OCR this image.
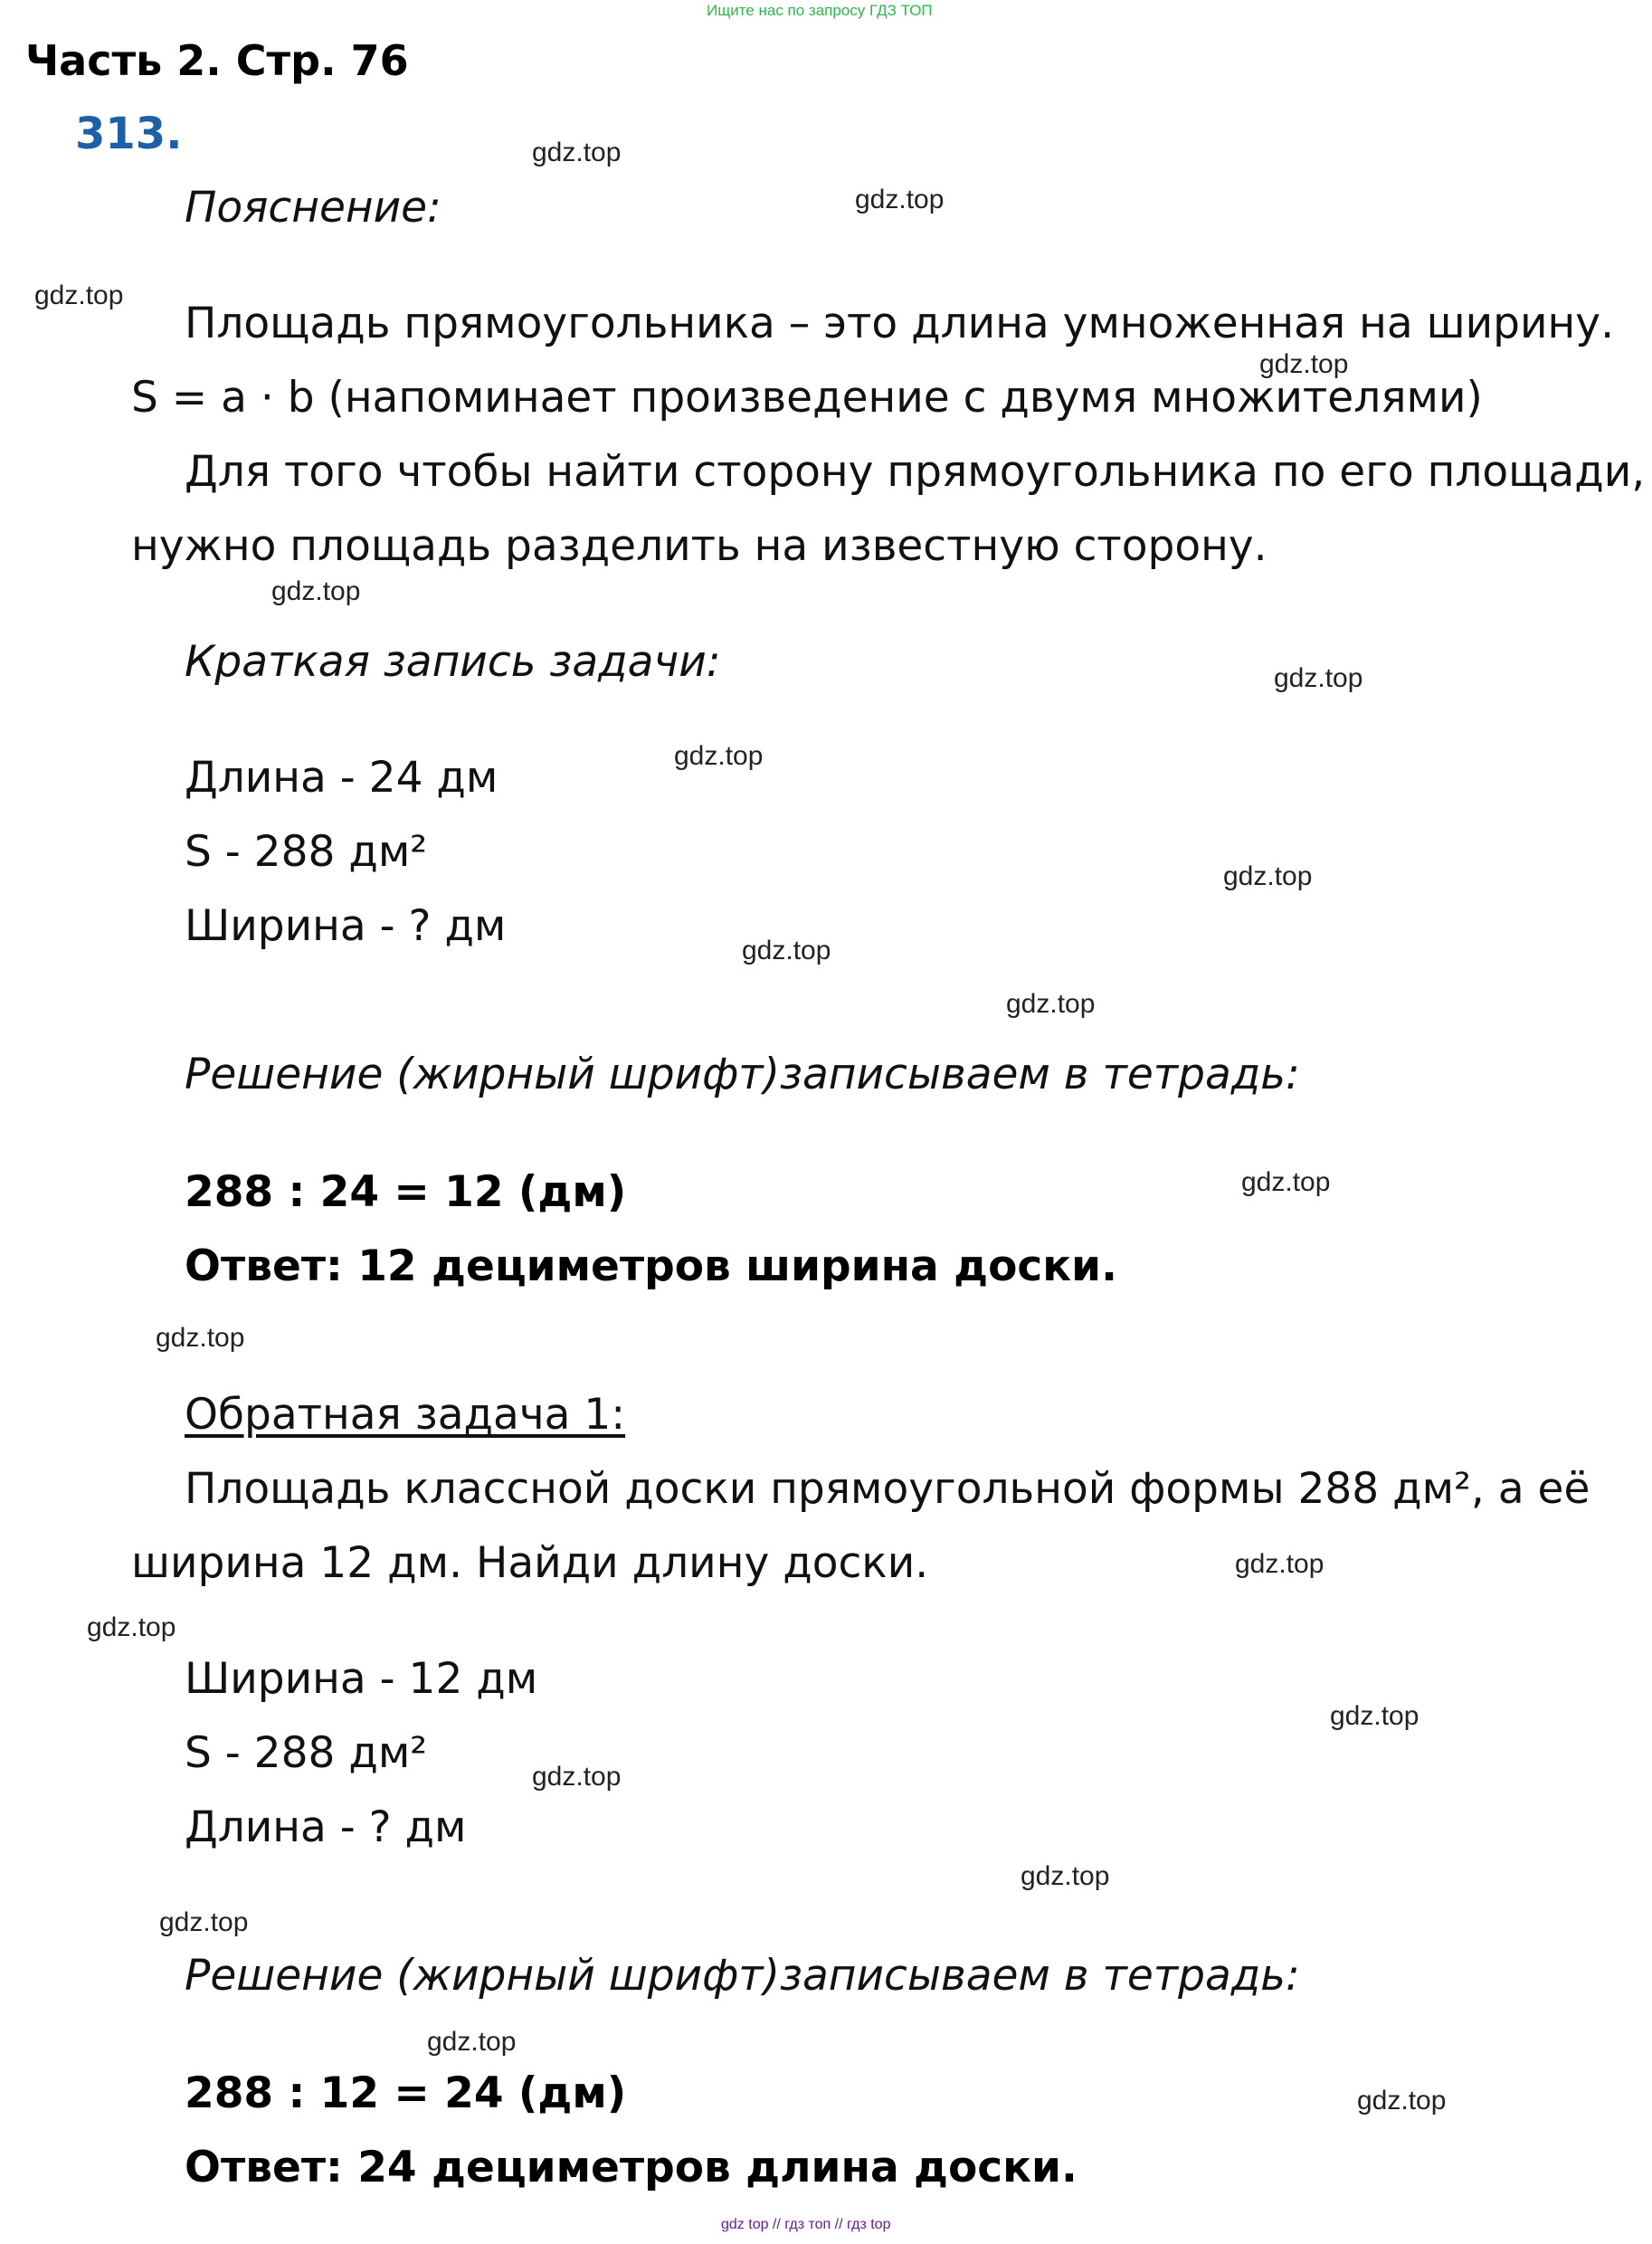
Ищите нас по запросу ГДЗ ТОП
Часть 2. Стр. 76
313.
Пояснение:
Площадь прямоугольника – это длина умноженная на ширину.
S = a · b (напоминает произведение с двумя множителями)
Для того чтобы найти сторону прямоугольника по его площади,
нужно площадь разделить на известную сторону.
Краткая запись задачи:
Длина - 24 дм
S - 288 дм²
Ширина - ? дм
Решение (жирный шрифт)записываем в тетрадь:
288 : 24 = 12 (дм)
Ответ: 12 дециметров ширина доски.
Обратная задача 1:
Площадь классной доски прямоугольной формы 288 дм², а её
ширина 12 дм. Найди длину доски.
Ширина - 12 дм
S - 288 дм²
Длина - ? дм
Решение (жирный шрифт)записываем в тетрадь:
288 : 12 = 24 (дм)
Ответ: 24 дециметров длина доски.
gdz.top
gdz.top
gdz.top
gdz.top
gdz.top
gdz.top
gdz.top
gdz.top
gdz.top
gdz.top
gdz.top
gdz.top
gdz.top
gdz.top
gdz.top
gdz.top
gdz.top
gdz.top
gdz.top
gdz.top
gdz top // гдз топ // гдз top
